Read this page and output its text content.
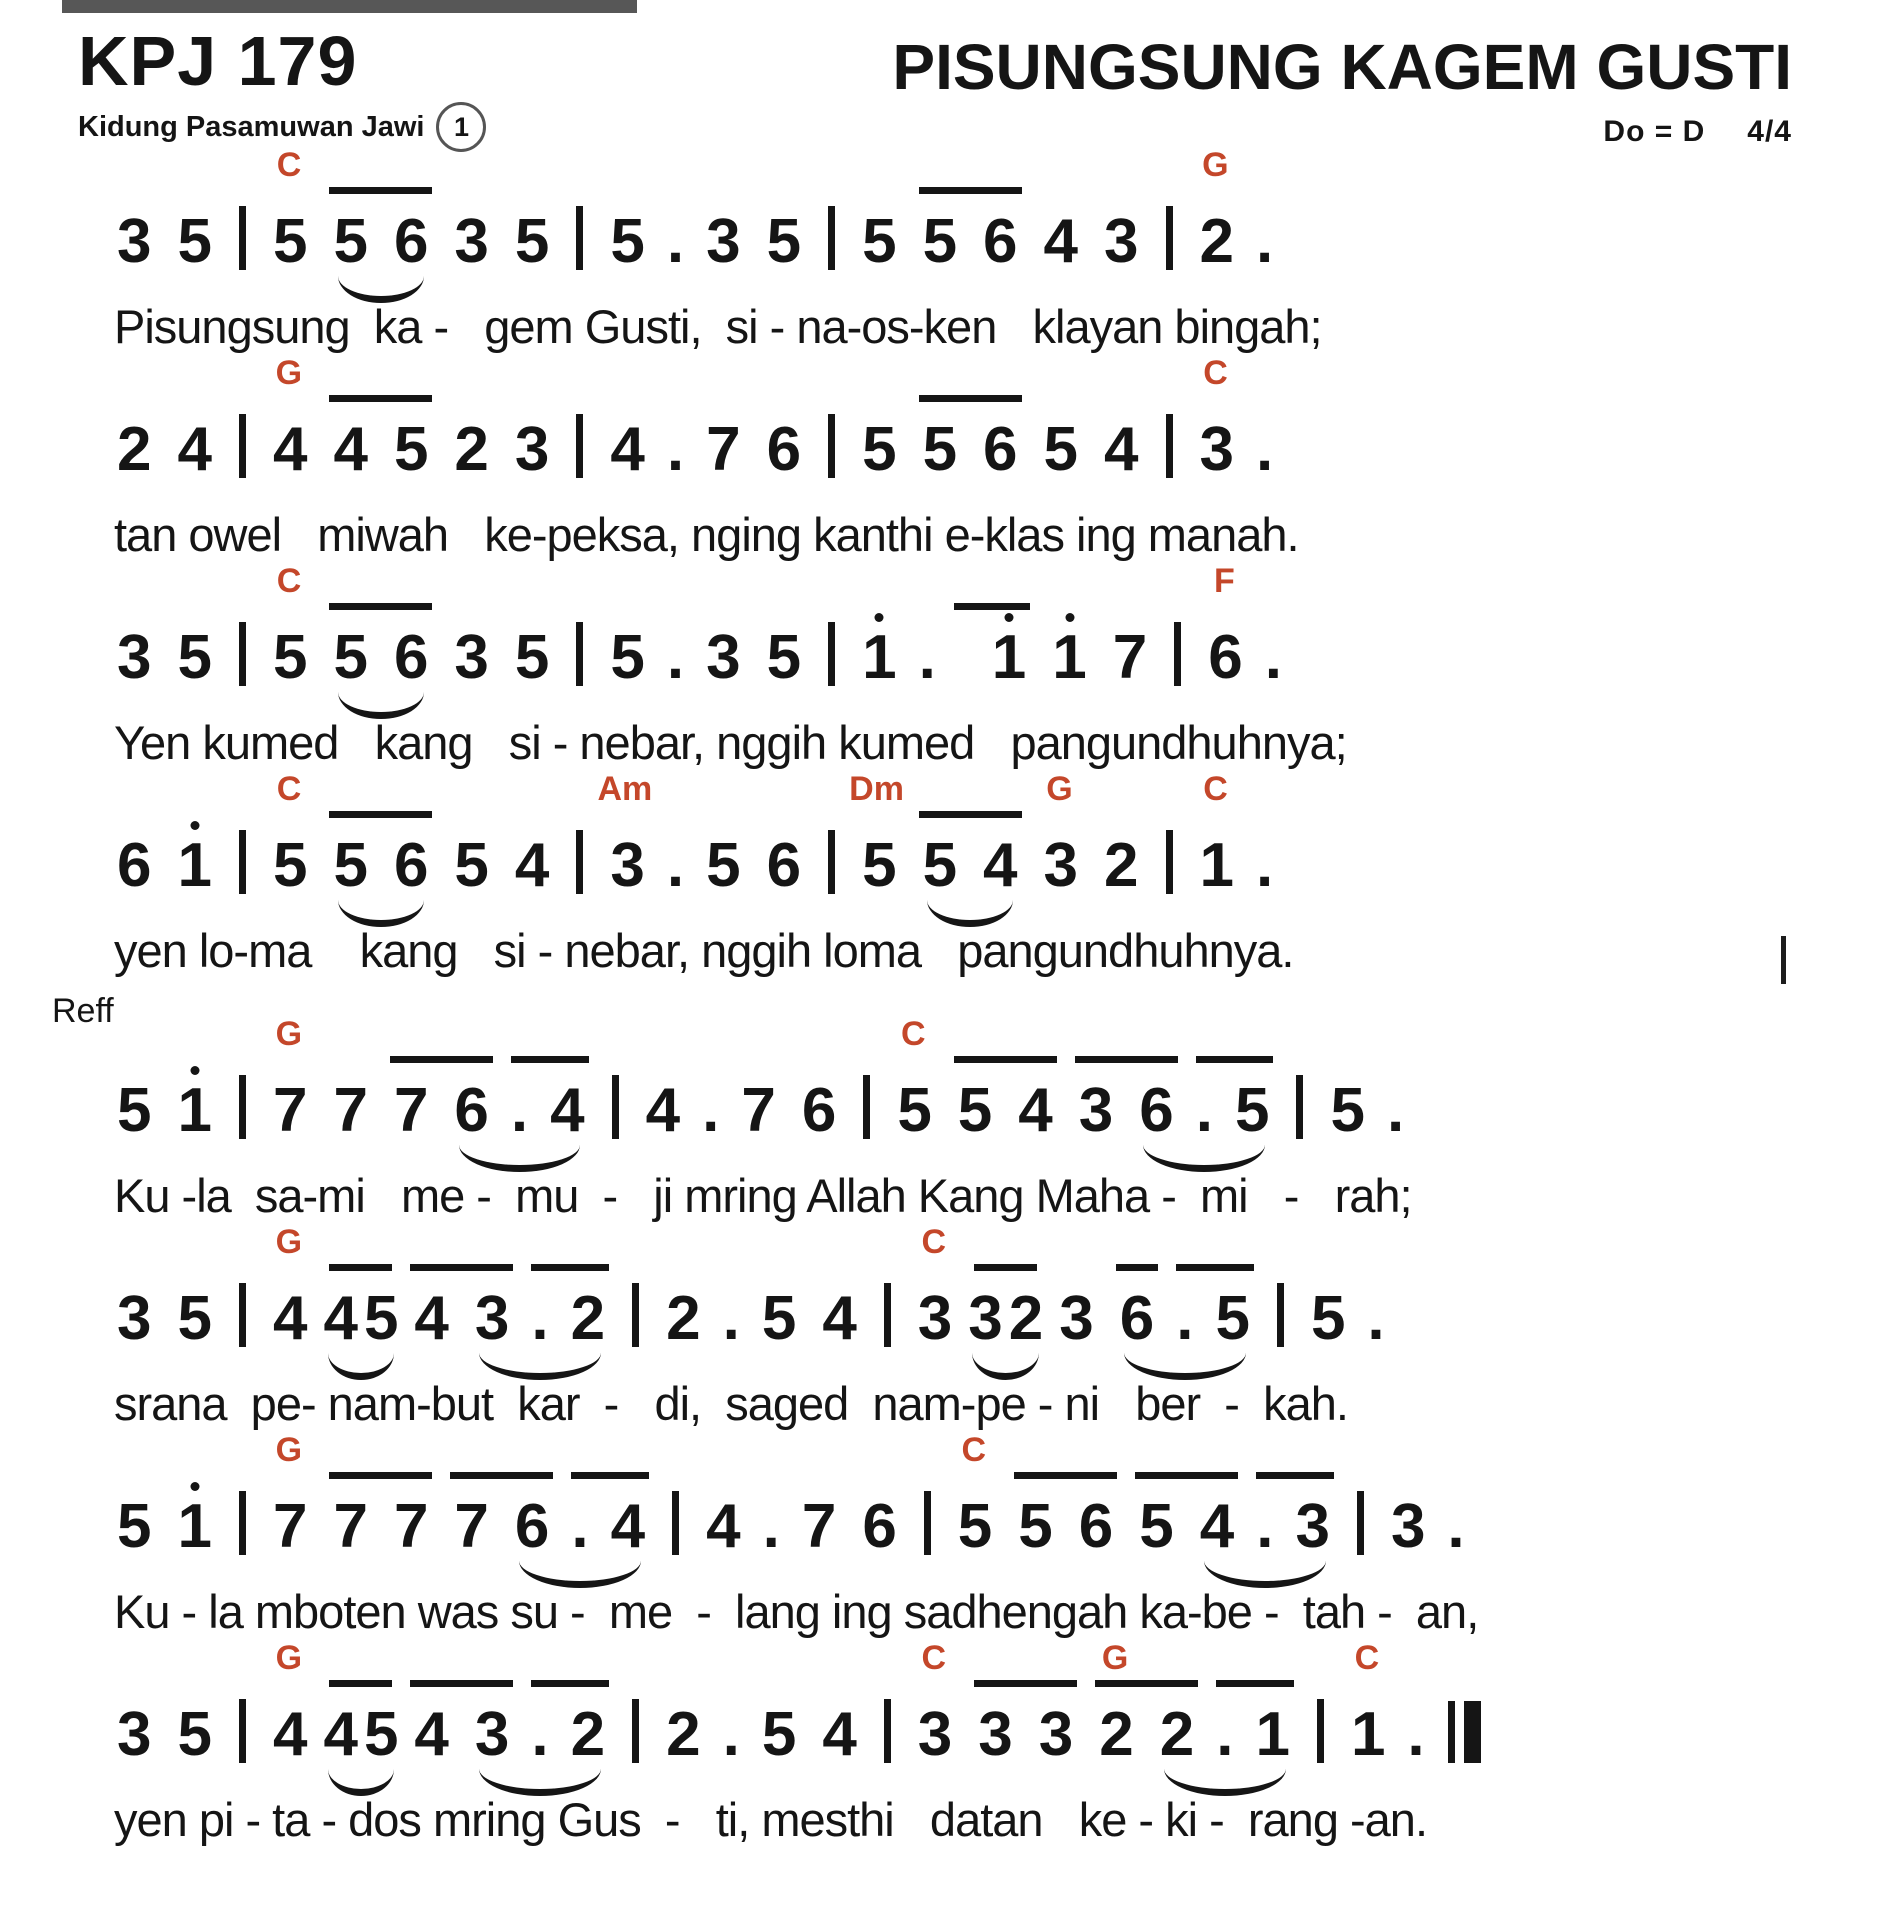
KPJ 179
Kidung Pasamuwan Jawi	1
PISUNGSUNG KAGEM GUSTI
Do = D 4/4
3 5 5
C
5 6 3 5 5 . 3 5 5 5 6 4 3 2
G
.
Pisungsung  ka -   gem Gusti,  si - na-os-ken   klayan bingah;
2 4 4
G
4 5 2 3 4 . 7 6 5 5 6 5 4 3
C
.
tan owel   miwah   ke-peksa, nging kanthi e-klas ing manah.
3 5 5
C
5 6 3 5 5 . 3 5 1 . 1 1 7 6
F
.
Yen kumed   kang   si - nebar, nggih kumed   pangundhuhnya;
6 1 5
C
5 6 5 4 3
Am
. 5 6 5
Dm
5 4 3
G
2 1
C
.
yen lo-ma    kang   si - nebar, nggih loma   pangundhuhnya.
Reff
5 1 7
G
7 7 6 . 4 4 . 7 6 5
C
5 4 3 6 . 5 5 .
Ku -la  sa-mi   me -  mu  -   ji mring Allah Kang Maha -  mi   -   rah;
3 5 4
G
4 5 4 3 . 2 2 . 5 4 3
C
3 2 3 6 . 5 5 .
srana  pe- nam-but  kar  -   di,  saged  nam-pe - ni   ber  -  kah.
5 1 7
G
7 7 7 6 . 4 4 . 7 6 5
C
5 6 5 4 . 3 3 .
Ku - la mboten was su -  me  -  lang ing sadhengah ka-be -  tah -  an,
3 5 4
G
4 5 4 3 . 2 2 . 5 4 3
C
3 3 2
G
2 . 1 1
C
.
yen pi - ta - dos mring Gus  -   ti, mesthi   datan   ke - ki -  rang -an.
